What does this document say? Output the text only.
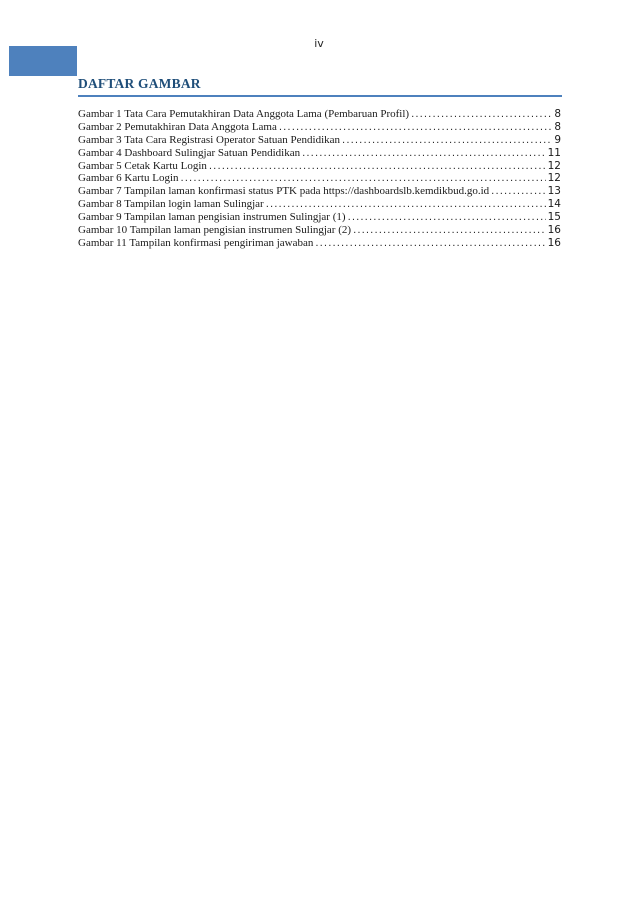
iv
DAFTAR GAMBAR
Gambar 1 Tata Cara Pemutakhiran Data Anggota Lama (Pembaruan Profil) .....	8
Gambar 2 Pemutakhiran Data Anggota Lama .....	8
Gambar 3 Tata Cara Registrasi Operator Satuan Pendidikan .....	9
Gambar 4 Dashboard Sulingjar Satuan Pendidikan .....	11
Gambar 5 Cetak Kartu Login .....	12
Gambar 6 Kartu Login .....	12
Gambar 7 Tampilan laman konfirmasi status PTK pada https://dashboardslb.kemdikbud.go.id .....	13
Gambar 8 Tampilan login laman Sulingjar .....	14
Gambar 9 Tampilan laman pengisian instrumen Sulingjar (1) .....	15
Gambar 10 Tampilan laman pengisian instrumen Sulingjar (2) .....	16
Gambar 11 Tampilan konfirmasi pengiriman jawaban .....	16
